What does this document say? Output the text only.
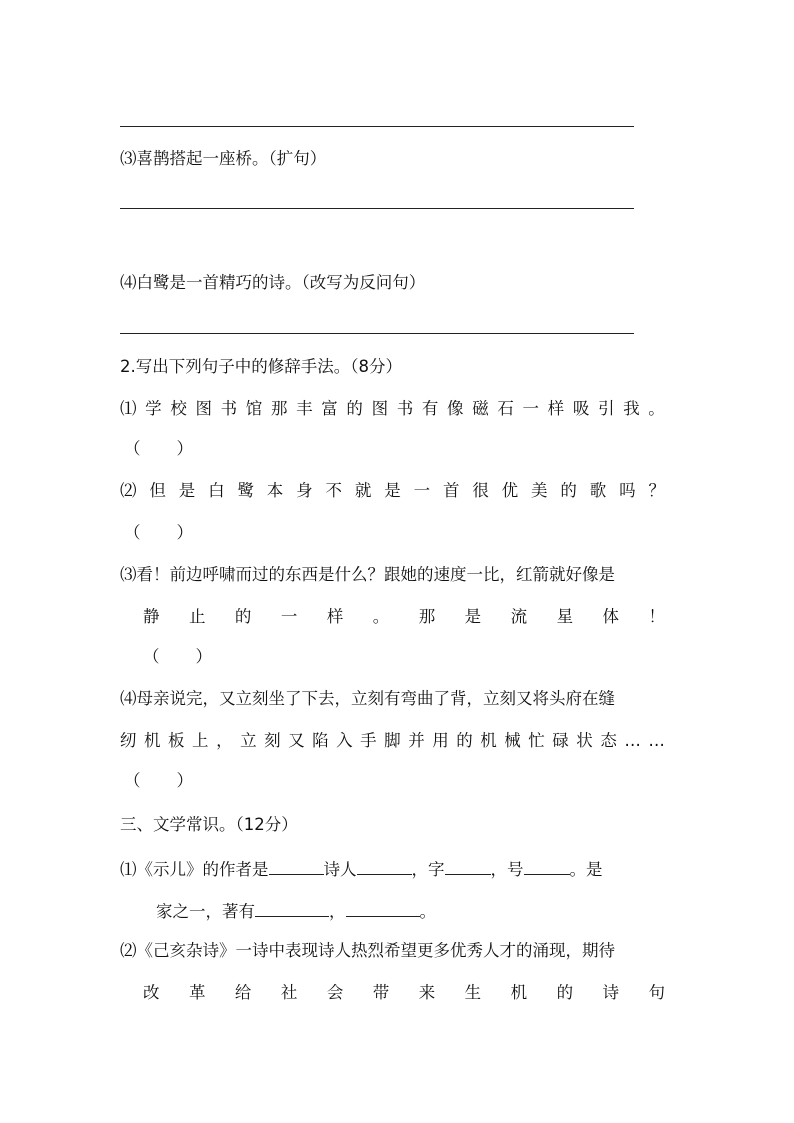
⑶喜鹊搭起一座桥。（扩句）
⑷白鹭是一首精巧的诗。（改写为反问句）
2.写出下列句子中的修辞手法。（8分）
⑴ 学 校 图 书 馆 那 丰 富 的 图 书 有 像 磁 石 一 样 吸 引 我 。
（ ）
⑵ 但 是 白 鹭 本 身 不 就 是 一 首 很 优 美 的 歌 吗 ？
（ ）
⑶看！前边呼啸而过的东西是什么？跟她的速度一比，红箭就好像是
静 止 的 一 样 。 那 是 流 星 体 ！
（ ）
⑷母亲说完，又立刻坐了下去，立刻有弯曲了背，立刻又将头府在缝
纫 机 板 上 ， 立 刻 又 陷 入 手 脚 并 用 的 机 械 忙 碌 状 态 … …
（ ）
三、文学常识。（12分）
⑴《示儿》的作者是	诗人	，字	，号	。是
家之一，著有	，	。
⑵《己亥杂诗》一诗中表现诗人热烈希望更多优秀人才的涌现，期待
改 革 给 社 会 带 来 生 机 的 诗 句
